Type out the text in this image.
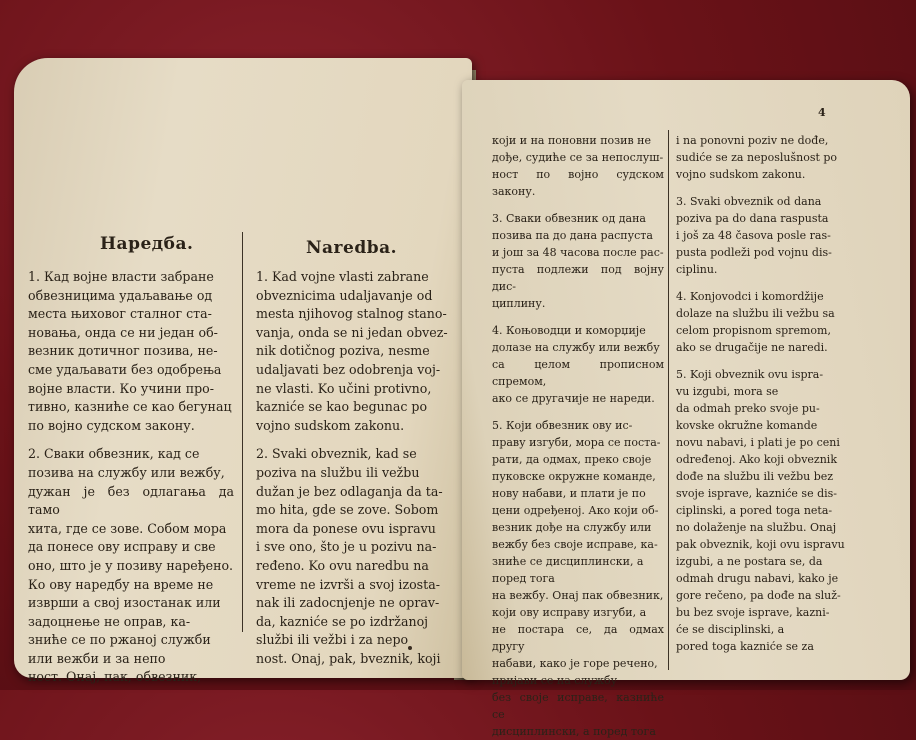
Наредба.	Naredba.

1. Кад војне власти забране

обвезницима удаљавање од

места њиховог сталног ста-

новања, онда се ни један об-

везник дотичног позива, не-

сме удаљавати без одобрења

војне власти. Ко учини про-

тивно, казниће се као бегунац

по војно судском закону.

2. Сваки обвезник, кад се

позива на службу или вежбу,

дужан је без одлагања да тамо

хита, где се зове. Собом мора

да понесе ову исправу и све

оно, што је у позиву наређено.

Ко ову наредбу на време не

изврши а свој изостанак или

задоцнење не оправ, ка-

зниће се по ржаној служби

или вежби и за непо

ност. Онај, пак, обвезник,

1. Kad vojne vlasti zabrane

obveznicima udaljavanje od

mesta njihovog stalnog stano-

vanja, onda se ni jedan obvez-

nik dotičnog poziva, nesme

udaljavati bez odobrenja voj-

ne vlasti. Ko učini protivno,

kazniće se kao begunac po

vojno sudskom zakonu.

2. Svaki obveznik, kad se

poziva na službu ili vežbu

dužan je bez odlaganja da ta-

mo hita, gde se zove. Sobom

mora da ponese ovu ispravu

i sve ono, što je u pozivu na-

ređeno. Ko ovu naredbu na

vreme ne izvrši a svoj izosta-

nak ili zadocnjenje ne oprav-

da, kazniće se po izdržanoj

službi ili vežbi i za nepo

nost. Onaj, pak, bveznik, koji

4

који и на поновни позив не

дође, судиће се за непослуш-

ност по војно судском закону.

3. Сваки обвезник од дана

позива па до дана распуста

и још за 48 часова после рас-

пуста подлежи под војну дис-

циплину.

4. Коњоводци и коморџије

долазе на службу или вежбу

са целом прописном спремом,

ако се другачије не нареди.

5. Који обвезник ову ис-

праву изгуби, мора се поста-

рати, да одмах, преко своје

пуковске окружне команде,

нову набави, и плати је по

цени одређеној. Ако који об-

везник дође на службу или

вежбу без своје исправе, ка-

зниће се дисциплински, а

поред тога

на вежбу. Онај пак обвезник,

који ову исправу изгуби, а

не постара се, да одмах другу

набави, како је горе речено,

пријави се на службу

без своје исправе, казниће се

дисциплински, а поред тога

i na ponovni poziv ne dođe,

sudiće se za neposlušnost po

vojno sudskom zakonu.

3. Svaki obveznik od dana

poziva pa do dana raspusta

i još za 48 časova posle ras-

pusta podleži pod vojnu dis-

ciplinu.

4. Konjovodci i komordžije

dolaze na službu ili vežbu sa

celom propisnom spremom,

ako se drugačije ne naredi.

5. Koji obveznik ovu ispra-

vu izgubi, mora se

da odmah preko svoje pu-

kovske okružne komande

novu nabavi, i plati je po ceni

određenoj. Ako koji obveznik

dođe na službu ili vežbu bez

svoje isprave, kazniće se dis-

ciplinski, a pored toga neta-

no dolaženje na službu. Onaj

pak obveznik, koji ovu ispravu

izgubi, a ne postara se, da

odmah drugu nabavi, kako je

gore rečeno, pa dođe na služ-

bu bez svoje isprave, kazni-

će se disciplinski, a

pored toga kazniće se za
